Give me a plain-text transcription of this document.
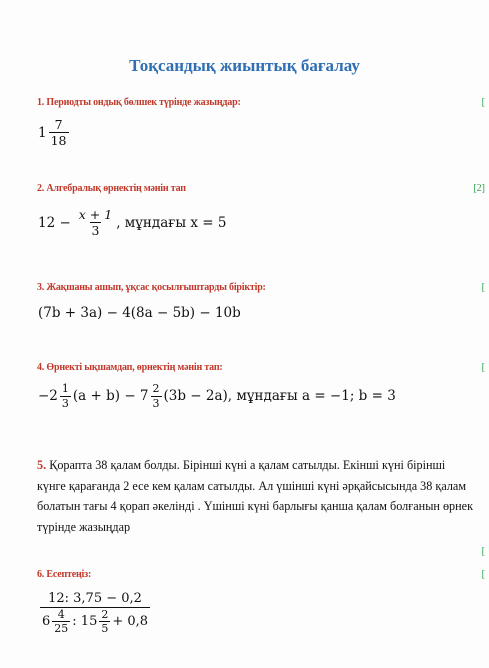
Тоқсандық жиынтық бағалау
1. Периодты ондық бөлшек түрінде жазыңдар:	[
$1 \frac{7}{18}$
2. Алгебралық өрнектің мәнін тап	[2]
$12 - \frac{x + 1}{3}$ , мұндағы x = 5
3. Жақшаны ашып, ұқсас қосылғыштарды біріктір:	[
(7b + 3a) − 4(8a − 5b) − 10b
4. Өрнекті ықшамдап, өрнектің мәнін тап:	[
$-2 \frac{1}{3} (a + b) - 7 \frac{2}{3} (3b - 2a)$, мұндағы a = −1; b = 3
5. Қорапта 38 қалам болды. Бірінші күні a қалам сатылды. Екінші күні бірінші күнге қарағанда 2 есе кем қалам сатылды. Ал үшінші күні әрқайсысында 38 қалам болатын тағы 4 қорап әкелінді . Үшінші күні барлығы қанша қалам болғанын өрнек түрінде жазыңдар
[
6. Есептеңіз:	[
12: 3,75 − 0,2
$6 \frac{4}{25}$ : $15 \frac{2}{5} + 0,8$
